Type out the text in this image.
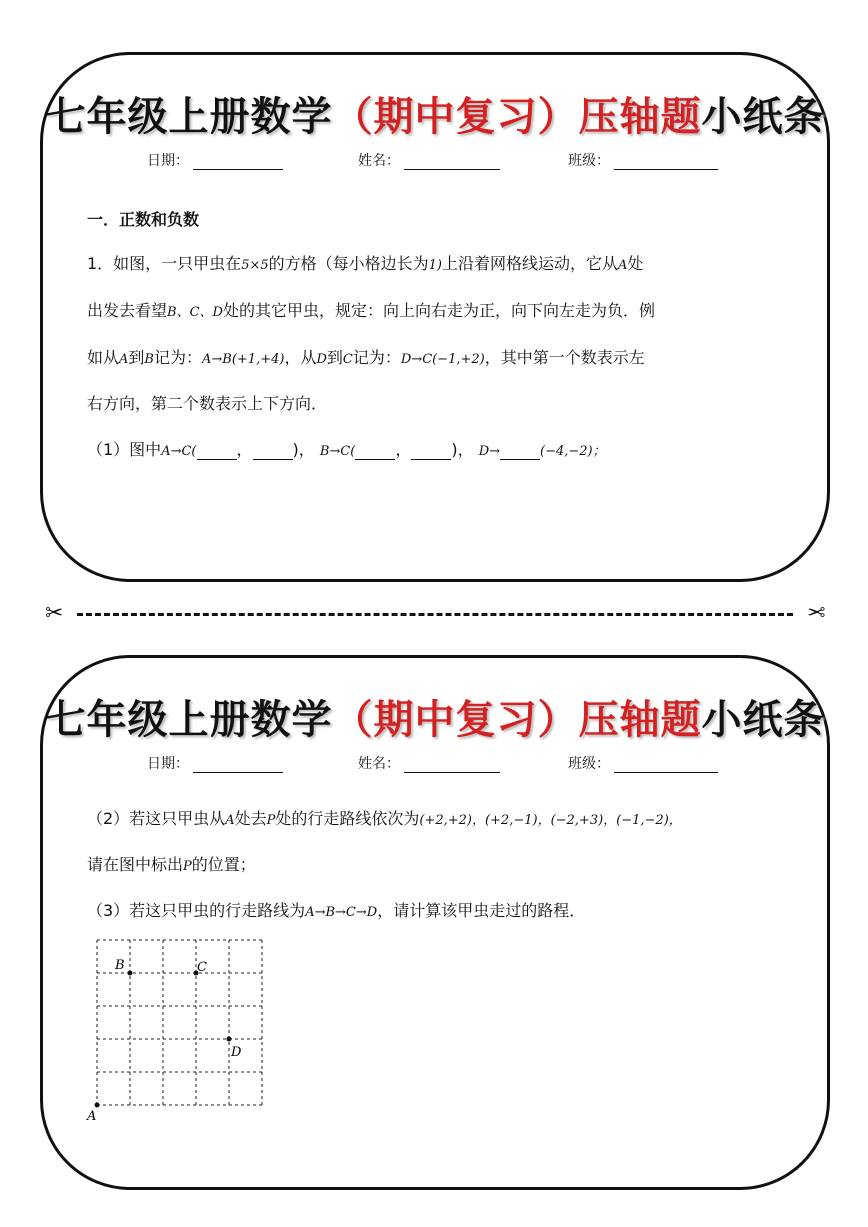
七年级上册数学（期中复习）压轴题小纸条
日期：	姓名：	班级：
一．正数和负数
1．如图，一只甲虫在5×5的方格（每小格边长为1)上沿着网格线运动，它从A处
出发去看望B、C、D处的其它甲虫，规定：向上向右走为正，向下向左走为负．例
如从A到B记为：A→B(+1,+4)，从D到C记为：D→C(−1,+2)，其中第一个数表示左
右方向，第二个数表示上下方向．
（1）图中A→C(	，	)， B→C(	，	)， D→	(−4,−2)；
✂	✂
七年级上册数学（期中复习）压轴题小纸条
日期：	姓名：	班级：
（2）若这只甲虫从A处去P处的行走路线依次为(+2,+2)，(+2,−1)，(−2,+3)，(−1,−2)，
请在图中标出P的位置；
（3）若这只甲虫的行走路线为A→B→C→D，请计算该甲虫走过的路程．
A
B	C
D
